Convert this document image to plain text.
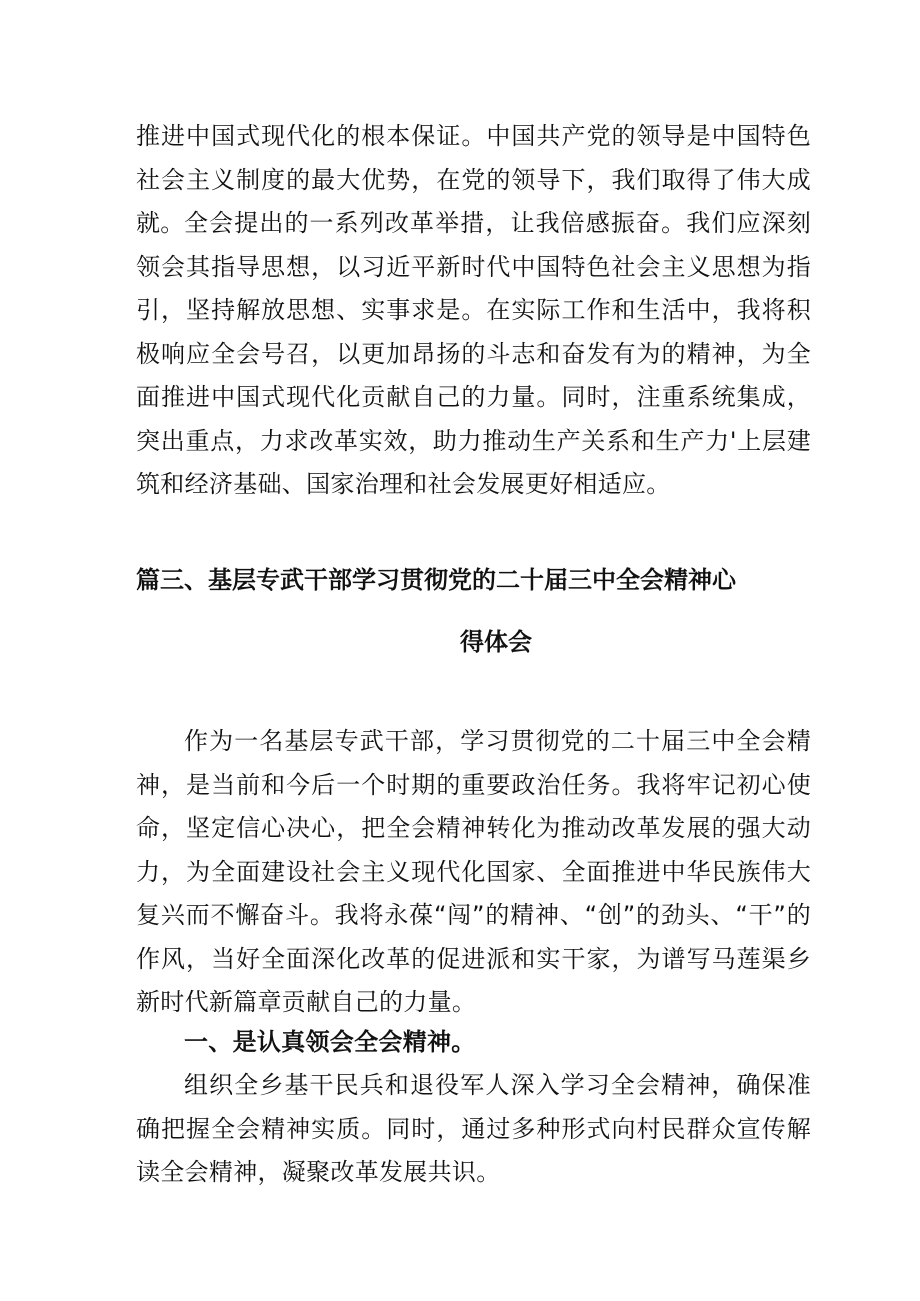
推进中国式现代化的根本保证。中国共产党的领导是中国特色社会主义制度的最大优势，在党的领导下，我们取得了伟大成就。 全会提出的一系列改革举措，让我倍感振奋。我们应深刻领会其指导思想，以习近平新时代中国特色社会主义思想为指引，坚持解放思想、实事求是。在实际工作和生活中，我将积极响应全会号召，以更加昂扬的斗志和奋发有为的精神，为全面推进中国式现代化贡献自己的力量。同时，注重系统集成，突出重点，力求改革实效，助力推动生产关系和生产力'上层建筑和经济基础、国家治理和社会发展更好相适应。

篇三、基层专武干部学习贯彻党的二十届三中全会精神心
得体会

作为一名基层专武干部，学习贯彻党的二十届三中全会精神，是当前和今后一个时期的重要政治任务。我将牢记初心使命，坚定信心决心，把全会精神转化为推动改革发展的强大动力，为全面建设社会主义现代化国家、全面推进中华民族伟大复兴而不懈奋斗。我将永葆“闯”的精神、“创”的劲头、“干”的作风，当好全面深化改革的促进派和实干家，为谱写马莲渠乡新时代新篇章贡献自己的力量。

一、是认真领会全会精神。

组织全乡基干民兵和退役军人深入学习全会精神，确保准确把握全会精神实质。同时，通过多种形式向村民群众宣传解读全会精神，凝聚改革发展共识。
